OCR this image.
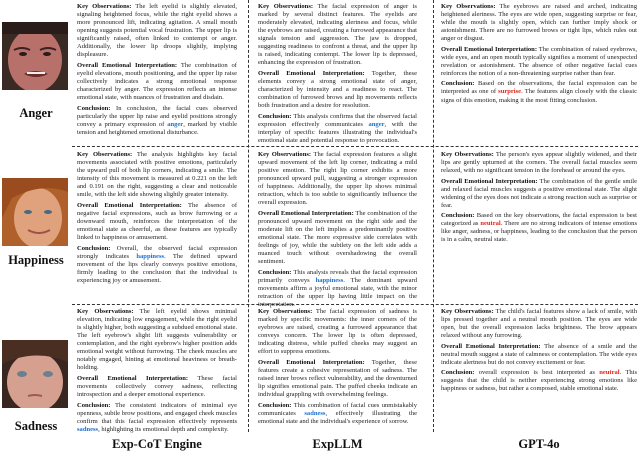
Anger
Happiness
Sadness

Key Observations: The left eyelid is slightly elevated, signaling heightened focus, while the right eyelid shows a more pronounced lift, indicating agitation. A small mouth opening suggests potential vocal frustration. The upper lip is significantly raised, often linked to contempt or anger. Additionally, the lower lip droops slightly, implying displeasure.

Overall Emotional Interpretation: The combination of eyelid elevations, mouth positioning, and the upper lip raise collectively indicates a strong emotional response characterized by anger. The expression reflects an intense emotional state, with nuances of frustration and disdain.

Conclusion: In conclusion, the facial cues observed particularly the upper lip raise and eyelid positions strongly convey a primary expression of anger, marked by visible tension and heightened emotional disturbance.

Key Observations: The facial expression of anger is marked by several distinct features. The eyelids are moderately elevated, indicating alertness and focus, while the eyebrows are raised, creating a furrowed appearance that signals tension and aggression. The jaw is dropped, suggesting readiness to confront a threat, and the upper lip is raised, indicating contempt. The lower lip is depressed, enhancing the expression of frustration.

Overall Emotional Interpretation: Together, these elements convey a strong emotional state of anger, characterized by intensity and a readiness to react. The combination of furrowed brows and lip movements reflects both frustration and a desire for resolution.

Conclusion: This analysis confirms that the observed facial expression effectively communicates anger, with the interplay of specific features illustrating the individual's emotional state and potential response to provocation.

Key Observations: The eyebrows are raised and arched, indicating heightened alertness. The eyes are wide open, suggesting surprise or fear, while the mouth is slightly open, which can further imply shock or astonishment. There are no furrowed brows or tight lips, which rules out anger or disgust.

Overall Emotional Interpretation: The combination of raised eyebrows, wide eyes, and an open mouth typically signifies a moment of unexpected revelation or astonishment. The absence of other negative facial cues reinforces the notion of a non-threatening surprise rather than fear.

Conclusion: Based on the observations, the facial expression can be interpreted as one of surprise. The features align closely with the classic signs of this emotion, making it the most fitting conclusion.

Key Observations: The analysis highlights key facial movements associated with positive emotions, particularly the upward pull of both lip corners, indicating a smile. The intensity of this movement is measured at 0.221 on the left and 0.191 on the right, suggesting a clear and noticeable smile, with the left side showing slightly greater intensity.

Overall Emotional Interpretation: The absence of negative facial expressions, such as brow furrowing or a downward mouth, reinforces the interpretation of the emotional state as cheerful, as these features are typically linked to happiness or amusement.

Conclusion: Overall, the observed facial expression strongly indicates happiness. The defined upward movement of the lips clearly conveys positive emotions, firmly leading to the conclusion that the individual is experiencing joy or amusement.

Key Observations: The facial expression features a slight upward movement of the left lip corner, indicating a mild positive emotion. The right lip corner exhibits a more pronounced upward pull, suggesting a stronger expression of happiness. Additionally, the upper lip shows minimal retraction, which is too subtle to significantly influence the overall expression.

Overall Emotional Interpretation: The combination of the pronounced upward movement on the right side and the moderate lift on the left implies a predominantly positive emotional state. The more expressive side correlates with feelings of joy, while the subtlety on the left side adds a nuanced touch without overshadowing the overall sentiment.

Conclusion: This analysis reveals that the facial expression primarily conveys happiness. The dominant upward movements affirm a joyful emotional state, with the minor retraction of the upper lip having little impact on the interpretation.

Key Observations: The person's eyes appear slightly widened, and their lips are gently upturned at the corners. The overall facial muscles seem relaxed, with no significant tension in the forehead or around the eyes.

Overall Emotional Interpretation: The combination of the gentle smile and relaxed facial muscles suggests a positive emotional state. The slight widening of the eyes does not indicate a strong reaction such as surprise or fear.

Conclusion: Based on the key observations, the facial expression is best categorized as neutral. There are no strong indicators of intense emotions like anger, sadness, or happiness, leading to the conclusion that the person is in a calm, neutral state.

Key Observations: The left eyelid shows minimal elevation, indicating low engagement, while the right eyelid is slightly higher, both suggesting a subdued emotional state. The left eyebrow's slight lift suggests vulnerability or contemplation, and the right eyebrow's higher position adds emotional weight without furrowing. The cheek muscles are notably engaged, hinting at emotional heaviness or breath-holding.

Overall Emotional Interpretation: These facial movements collectively convey sadness, reflecting introspection and a deeper emotional experience.

Conclusion: The consistent indicators of minimal eye openness, subtle brow positions, and engaged cheek muscles confirm that this facial expression effectively represents sadness, highlighting its emotional depth and complexity.

Key Observations: The facial expression of sadness is marked by specific movements: the inner corners of the eyebrows are raised, creating a furrowed appearance that conveys concern. The lower lip is often depressed, indicating distress, while puffed cheeks may suggest an effort to suppress emotions.

Overall Emotional Interpretation: Together, these features create a cohesive representation of sadness. The raised inner brows reflect vulnerability, and the downturned lip signifies emotional pain. The puffed cheeks indicate an individual grappling with overwhelming feelings.

Conclusion: This combination of facial cues unmistakably communicates sadness, effectively illustrating the emotional state and the individual's experience of sorrow.

Key Observations: The child's facial features show a lack of smile, with lips pressed together and a neutral mouth position. The eyes are wide open, but the overall expression lacks brightness. The brow appears relaxed without any furrowing.

Overall Emotional Interpretation: The absence of a smile and the neutral mouth suggest a state of calmness or contemplation. The wide eyes indicate alertness but do not convey excitement or fear.

Conclusion: overall expression is best interpreted as neutral. This suggests that the child is neither experiencing strong emotions like happiness or sadness, but rather a composed, stable emotional state.

Exp-CoT Engine	ExpLLM	GPT-4o
